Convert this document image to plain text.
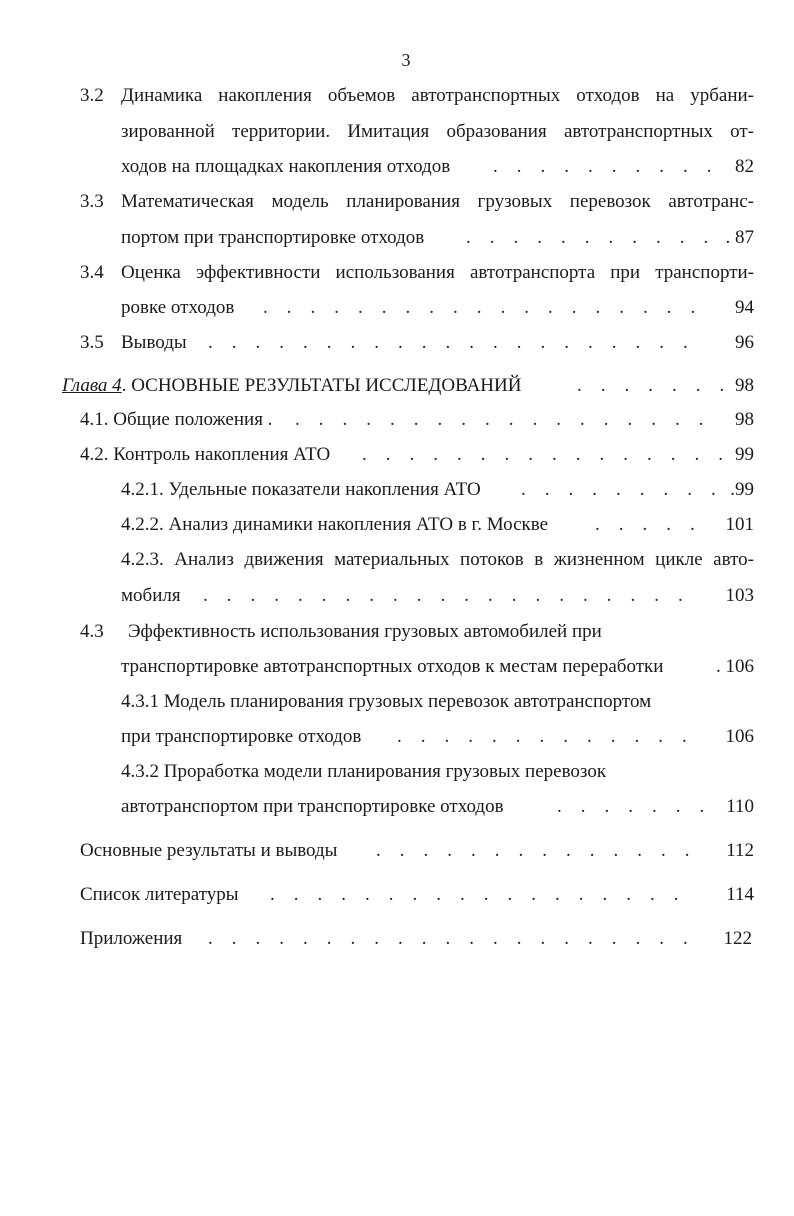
3
3.2 Динамика накопления объемов автотранспортных отходов на урбани-
зированной территории. Имитация образования автотранспортных от-
ходов на площадках накопления отходов .    .    .    .    .    .    .    .    .    .	82
3.3 Математическая модель планирования грузовых перевозок автотранс-
портом при транспортировке отходов .    .    .    .    .    .    .    .    .    .    . . 87
3.4 Оценка эффективности использования автотранспорта при транспорти-
ровке отходов .    .    .    .    .    .    .    .    .    .    .    .    .    .    .    .    .    .    .	94
3.5 Выводы .    .    .    .    .    .    .    .    .    .    .    .    .    .    .    .    .    .    .    .    .	96
Глава 4. ОСНОВНЫЕ РЕЗУЛЬТАТЫ ИССЛЕДОВАНИЙ	.    .    .    .    .    .    . 98
4.1. Общие положения . .    .    .    .    .    .    .    .    .    .    .    .    .    .    .    .    .    .	98
4.2. Контроль накопления АТО .    .    .    .    .    .    .    .    .    .    .    .    .    .    .    . 99
4.2.1. Удельные показатели накопления АТО .    .    .    .    .    .    .    .    . .99
4.2.2. Анализ динамики накопления АТО в г. Москве .    .    .    .    .	101
4.2.3. Анализ движения материальных потоков в жизненном цикле авто-
мобиля .    .    .    .    .    .    .    .    .    .    .    .    .    .    .    .    .    .    .    .    .	103
4.3 Эффективность использования грузовых автомобилей при
транспортировке автотранспортных отходов к местам переработки	. 106
4.3.1 Модель планирования грузовых перевозок автотранспортом
при транспортировке отходов .    .    .    .    .    .    .    .    .    .    .    .    .	106
4.3.2 Проработка модели планирования грузовых перевозок
автотранспортом при транспортировке отходов	.    .    .    .    .    .    .	110
Основные результаты и выводы .    .    .    .    .    .    .    .    .    .    .    .    .    .	112
Список литературы .    .    .    .    .    .    .    .    .    .    .    .    .    .    .    .    .    .	114
Приложения .    .    .    .    .    .    .    .    .    .    .    .    .    .    .    .    .    .    .    .    .	122
